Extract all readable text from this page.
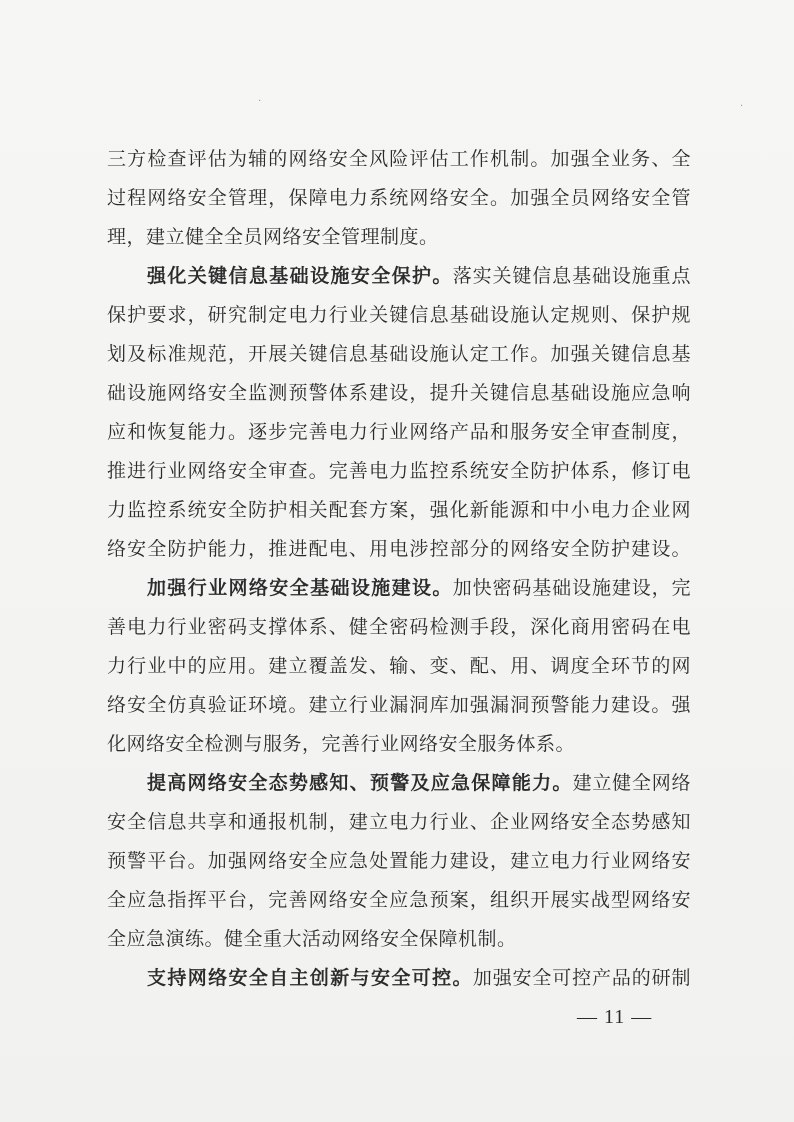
·	·
三方检查评估为辅的网络安全风险评估工作机制。加强全业务、全
过程网络安全管理，保障电力系统网络安全。加强全员网络安全管
理，建立健全全员网络安全管理制度。
强化关键信息基础设施安全保护。落实关键信息基础设施重点
保护要求，研究制定电力行业关键信息基础设施认定规则、保护规
划及标准规范，开展关键信息基础设施认定工作。加强关键信息基
础设施网络安全监测预警体系建设，提升关键信息基础设施应急响
应和恢复能力。逐步完善电力行业网络产品和服务安全审查制度，
推进行业网络安全审查。完善电力监控系统安全防护体系，修订电
力监控系统安全防护相关配套方案，强化新能源和中小电力企业网
络安全防护能力，推进配电、用电涉控部分的网络安全防护建设。
加强行业网络安全基础设施建设。加快密码基础设施建设，完
善电力行业密码支撑体系、健全密码检测手段，深化商用密码在电
力行业中的应用。建立覆盖发、输、变、配、用、调度全环节的网
络安全仿真验证环境。建立行业漏洞库加强漏洞预警能力建设。强
化网络安全检测与服务，完善行业网络安全服务体系。
提高网络安全态势感知、预警及应急保障能力。建立健全网络
安全信息共享和通报机制，建立电力行业、企业网络安全态势感知
预警平台。加强网络安全应急处置能力建设，建立电力行业网络安
全应急指挥平台，完善网络安全应急预案，组织开展实战型网络安
全应急演练。健全重大活动网络安全保障机制。
支持网络安全自主创新与安全可控。加强安全可控产品的研制
— 11 —
